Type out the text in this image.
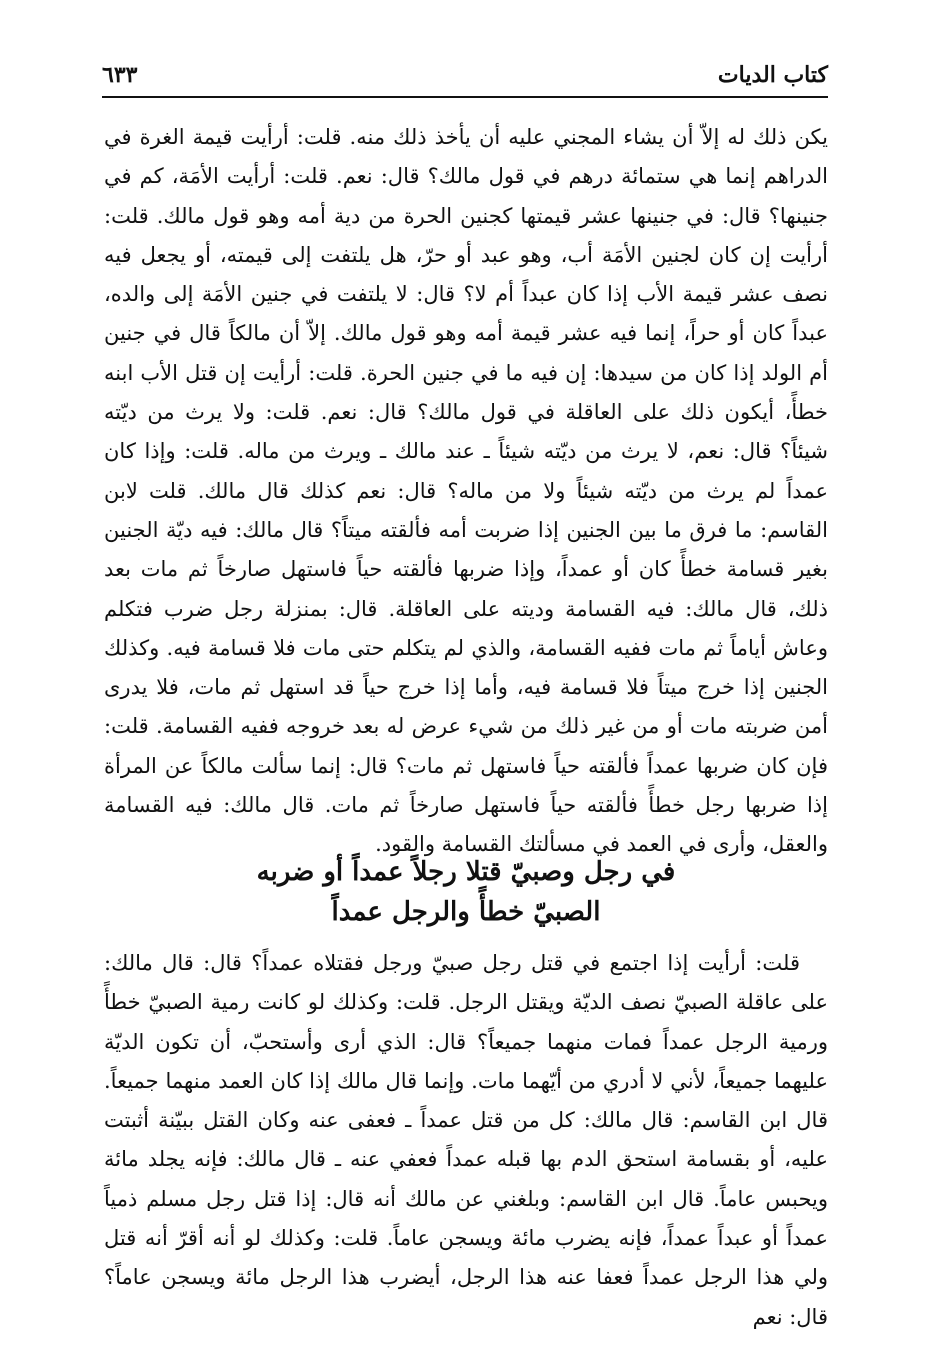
كتاب الديات
٦٣٣

يكن ذلك له إلاّ أن يشاء المجني عليه أن يأخذ ذلك منه. قلت: أرأيت قيمة الغرة في الدراهم إنما هي ستمائة درهم في قول مالك؟ قال: نعم. قلت: أرأيت الأمَة، كم في جنينها؟ قال: في جنينها عشر قيمتها كجنين الحرة من دية أمه وهو قول مالك. قلت: أرأيت إن كان لجنين الأمَة أب، وهو عبد أو حرّ، هل يلتفت إلى قيمته، أو يجعل فيه نصف عشر قيمة الأب إذا كان عبداً أم لا؟ قال: لا يلتفت في جنين الأمَة إلى والده، عبداً كان أو حراً، إنما فيه عشر قيمة أمه وهو قول مالك. إلاّ أن مالكاً قال في جنين أم الولد إذا كان من سيدها: إن فيه ما في جنين الحرة. قلت: أرأيت إن قتل الأب ابنه خطأً، أيكون ذلك على العاقلة في قول مالك؟ قال: نعم. قلت: ولا يرث من ديّته شيئاً؟ قال: نعم، لا يرث من ديّته شيئاً ـ عند مالك ـ ويرث من ماله. قلت: وإذا كان عمداً لم يرث من ديّته شيئاً ولا من ماله؟ قال: نعم كذلك قال مالك. قلت لابن القاسم: ما فرق ما بين الجنين إذا ضربت أمه فألقته ميتاً؟ قال مالك: فيه ديّة الجنين بغير قسامة خطأً كان أو عمداً، وإذا ضربها فألقته حياً فاستهل صارخاً ثم مات بعد ذلك، قال مالك: فيه القسامة وديته على العاقلة. قال: بمنزلة رجل ضرب فتكلم وعاش أياماً ثم مات ففيه القسامة، والذي لم يتكلم حتى مات فلا قسامة فيه. وكذلك الجنين إذا خرج ميتاً فلا قسامة فيه، وأما إذا خرج حياً قد استهل ثم مات، فلا يدرى أمن ضربته مات أو من غير ذلك من شيء عرض له بعد خروجه ففيه القسامة. قلت: فإن كان ضربها عمداً فألقته حياً فاستهل ثم مات؟ قال: إنما سألت مالكاً عن المرأة إذا ضربها رجل خطأً فألقته حياً فاستهل صارخاً ثم مات. قال مالك: فيه القسامة والعقل، وأرى في العمد في مسألتك القسامة والقود.

في رجل وصبيّ قتلا رجلاً عمداً أو ضربه
الصبيّ خطأً والرجل عمداً

قلت: أرأيت إذا اجتمع في قتل رجل صبيّ ورجل فقتلاه عمداً؟ قال: قال مالك: على عاقلة الصبيّ نصف الديّة ويقتل الرجل. قلت: وكذلك لو كانت رمية الصبيّ خطأً ورمية الرجل عمداً فمات منهما جميعاً؟ قال: الذي أرى وأستحبّ، أن تكون الديّة عليهما جميعاً، لأني لا أدري من أيّهما مات. وإنما قال مالك إذا كان العمد منهما جميعاً. قال ابن القاسم: قال مالك: كل من قتل عمداً ـ فعفى عنه وكان القتل ببيّنة أثبتت عليه، أو بقسامة استحق الدم بها قبله عمداً فعفي عنه ـ قال مالك: فإنه يجلد مائة ويحبس عاماً. قال ابن القاسم: وبلغني عن مالك أنه قال: إذا قتل رجل مسلم ذمياً عمداً أو عبداً عمداً، فإنه يضرب مائة ويسجن عاماً. قلت: وكذلك لو أنه أقرّ أنه قتل ولي هذا الرجل عمداً فعفا عنه هذا الرجل، أيضرب هذا الرجل مائة ويسجن عاماً؟ قال: نعم
